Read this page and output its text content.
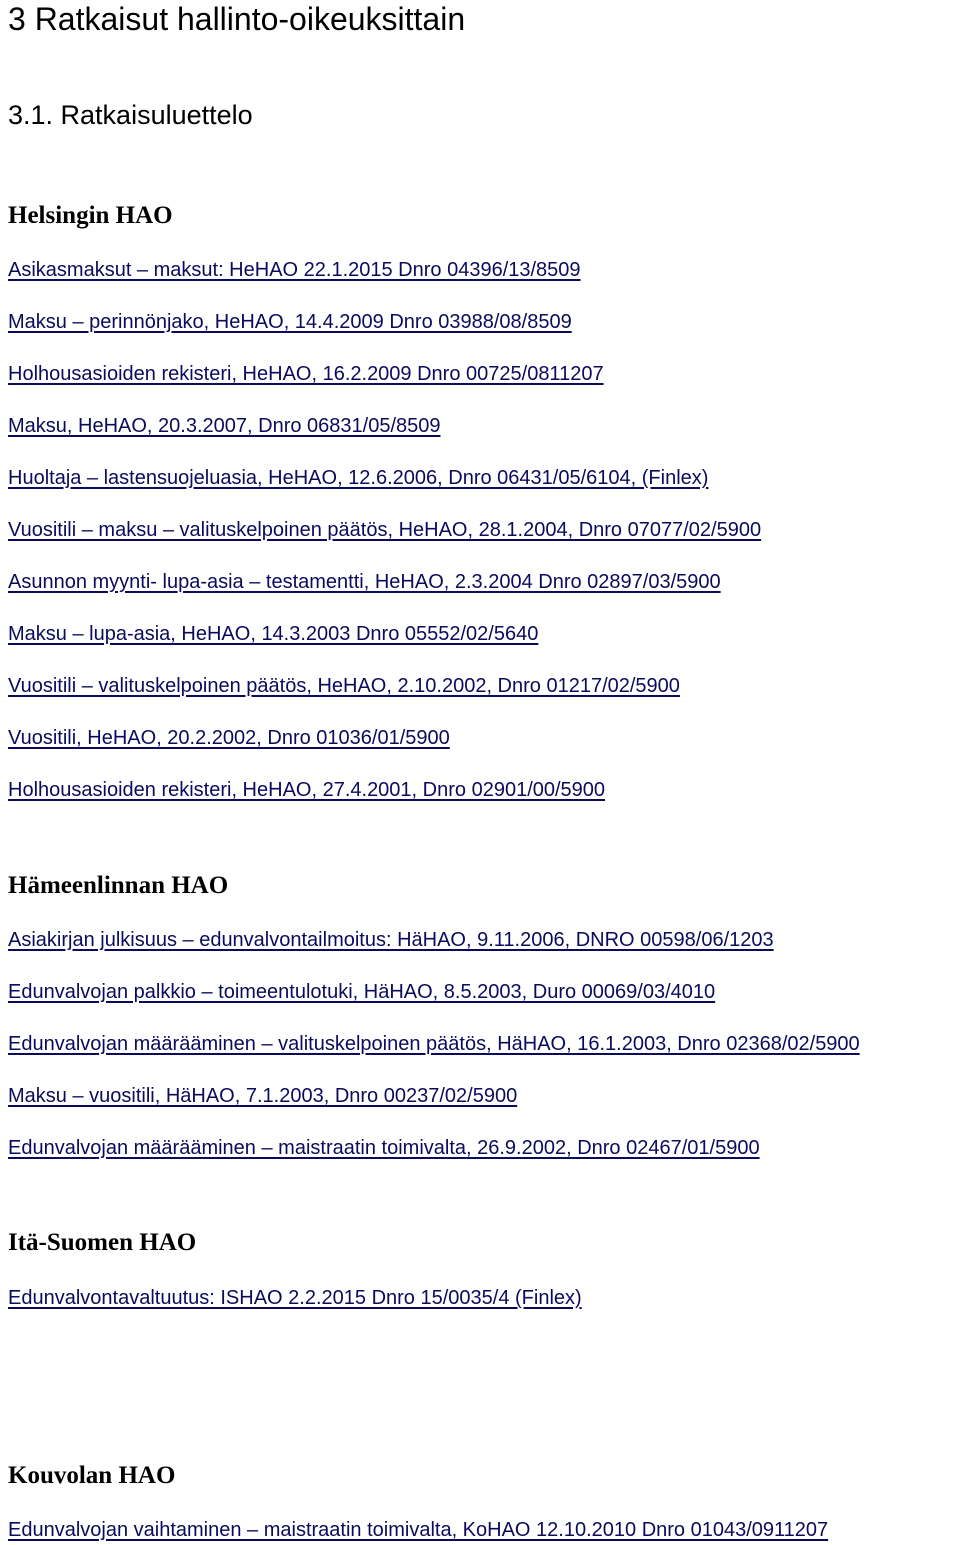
3 Ratkaisut hallinto-oikeuksittain
3.1. Ratkaisuluettelo
Helsingin HAO
Asikasmaksut – maksut: HeHAO 22.1.2015 Dnro 04396/13/8509
Maksu – perinnönjako, HeHAO, 14.4.2009 Dnro 03988/08/8509
Holhousasioiden rekisteri, HeHAO, 16.2.2009 Dnro 00725/0811207
Maksu, HeHAO, 20.3.2007, Dnro 06831/05/8509
Huoltaja – lastensuojeluasia, HeHAO, 12.6.2006, Dnro 06431/05/6104, (Finlex)
Vuositili – maksu – valituskelpoinen päätös, HeHAO, 28.1.2004, Dnro 07077/02/5900
Asunnon myynti- lupa-asia – testamentti, HeHAO, 2.3.2004 Dnro 02897/03/5900
Maksu – lupa-asia, HeHAO, 14.3.2003 Dnro 05552/02/5640
Vuositili – valituskelpoinen päätös, HeHAO, 2.10.2002, Dnro 01217/02/5900
Vuositili, HeHAO, 20.2.2002, Dnro 01036/01/5900
Holhousasioiden rekisteri, HeHAO, 27.4.2001, Dnro 02901/00/5900
Hämeenlinnan HAO
Asiakirjan julkisuus – edunvalvontailmoitus: HäHAO, 9.11.2006, DNRO 00598/06/1203
Edunvalvojan palkkio – toimeentulotuki, HäHAO, 8.5.2003, Duro 00069/03/4010
Edunvalvojan määrääminen – valituskelpoinen päätös, HäHAO, 16.1.2003, Dnro 02368/02/5900
Maksu – vuositili, HäHAO, 7.1.2003, Dnro 00237/02/5900
Edunvalvojan määrääminen – maistraatin toimivalta, 26.9.2002, Dnro 02467/01/5900
Itä-Suomen HAO
Edunvalvontavaltuutus: ISHAO 2.2.2015 Dnro 15/0035/4 (Finlex)
Kouvolan HAO
Edunvalvojan vaihtaminen – maistraatin toimivalta, KoHAO 12.10.2010 Dnro 01043/0911207
